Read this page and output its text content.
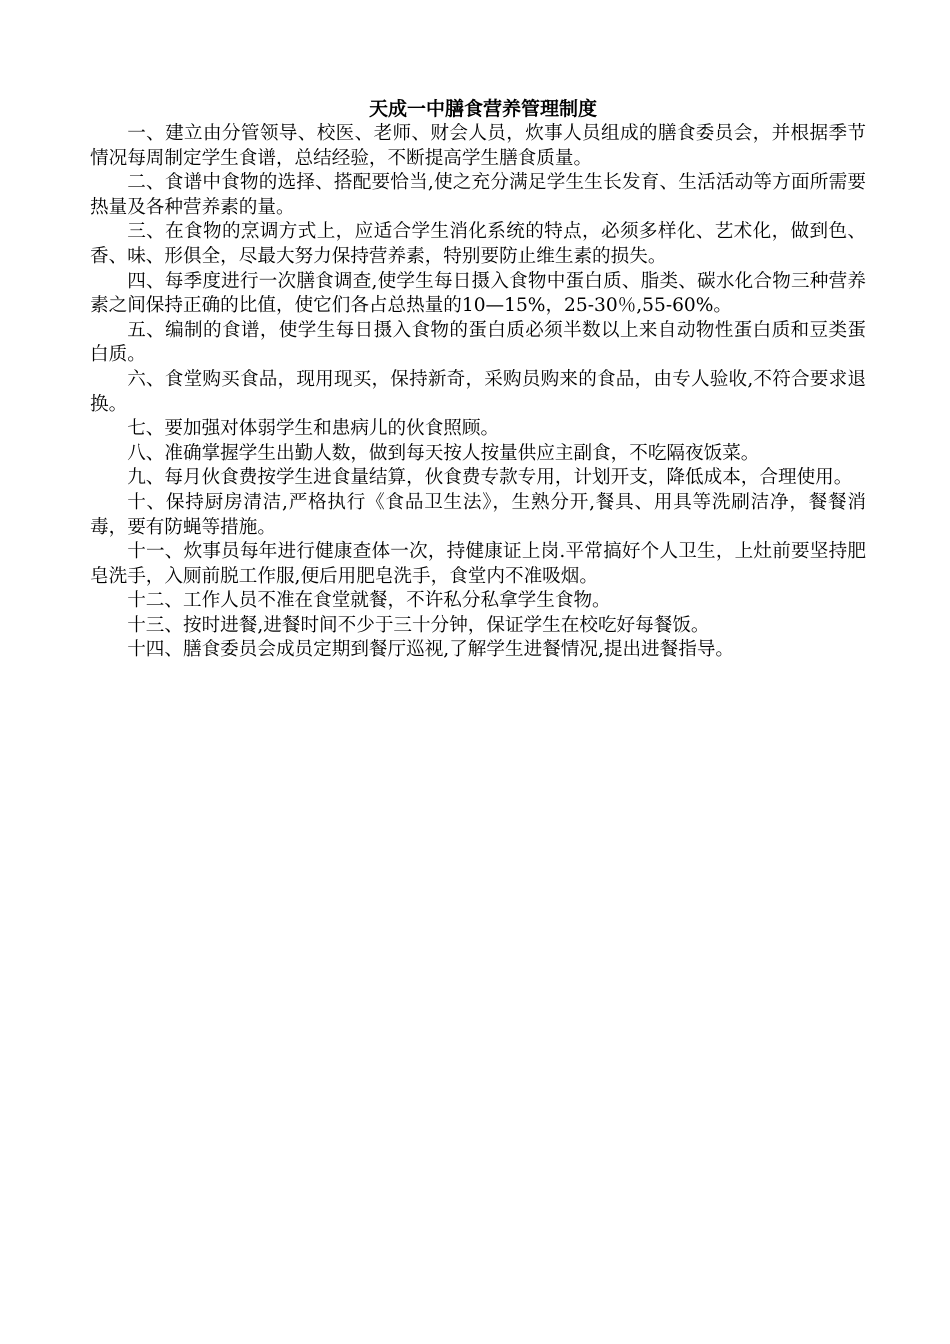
天成一中膳食营养管理制度

一、建立由分管领导、校医、老师、财会人员，炊事人员组成的膳食委员会，并根据季节情况每周制定学生食谱，总结经验，不断提高学生膳食质量。

二、食谱中食物的选择、搭配要恰当,使之充分满足学生生长发育、生活活动等方面所需要热量及各种营养素的量。

三、在食物的烹调方式上，应适合学生消化系统的特点，必须多样化、艺术化，做到色、香、味、形俱全，尽最大努力保持营养素，特别要防止维生素的损失。

四、每季度进行一次膳食调查,使学生每日摄入食物中蛋白质、脂类、碳水化合物三种营养素之间保持正确的比值，使它们各占总热量的10—15%，25-30％,55-60%。

五、编制的食谱，使学生每日摄入食物的蛋白质必须半数以上来自动物性蛋白质和豆类蛋白质。

六、食堂购买食品，现用现买，保持新奇，采购员购来的食品，由专人验收,不符合要求退换。

七、要加强对体弱学生和患病儿的伙食照顾。

八、准确掌握学生出勤人数，做到每天按人按量供应主副食，不吃隔夜饭菜。

九、每月伙食费按学生进食量结算，伙食费专款专用，计划开支，降低成本，合理使用。

十、保持厨房清洁,严格执行《食品卫生法》，生熟分开,餐具、用具等洗刷洁净，餐餐消毒，要有防蝇等措施。

十一、炊事员每年进行健康查体一次，持健康证上岗.平常搞好个人卫生，上灶前要坚持肥皂洗手，入厕前脱工作服,便后用肥皂洗手，食堂内不准吸烟。

十二、工作人员不准在食堂就餐，不许私分私拿学生食物。

十三、按时进餐,进餐时间不少于三十分钟，保证学生在校吃好每餐饭。

十四、膳食委员会成员定期到餐厅巡视,了解学生进餐情况,提出进餐指导。
